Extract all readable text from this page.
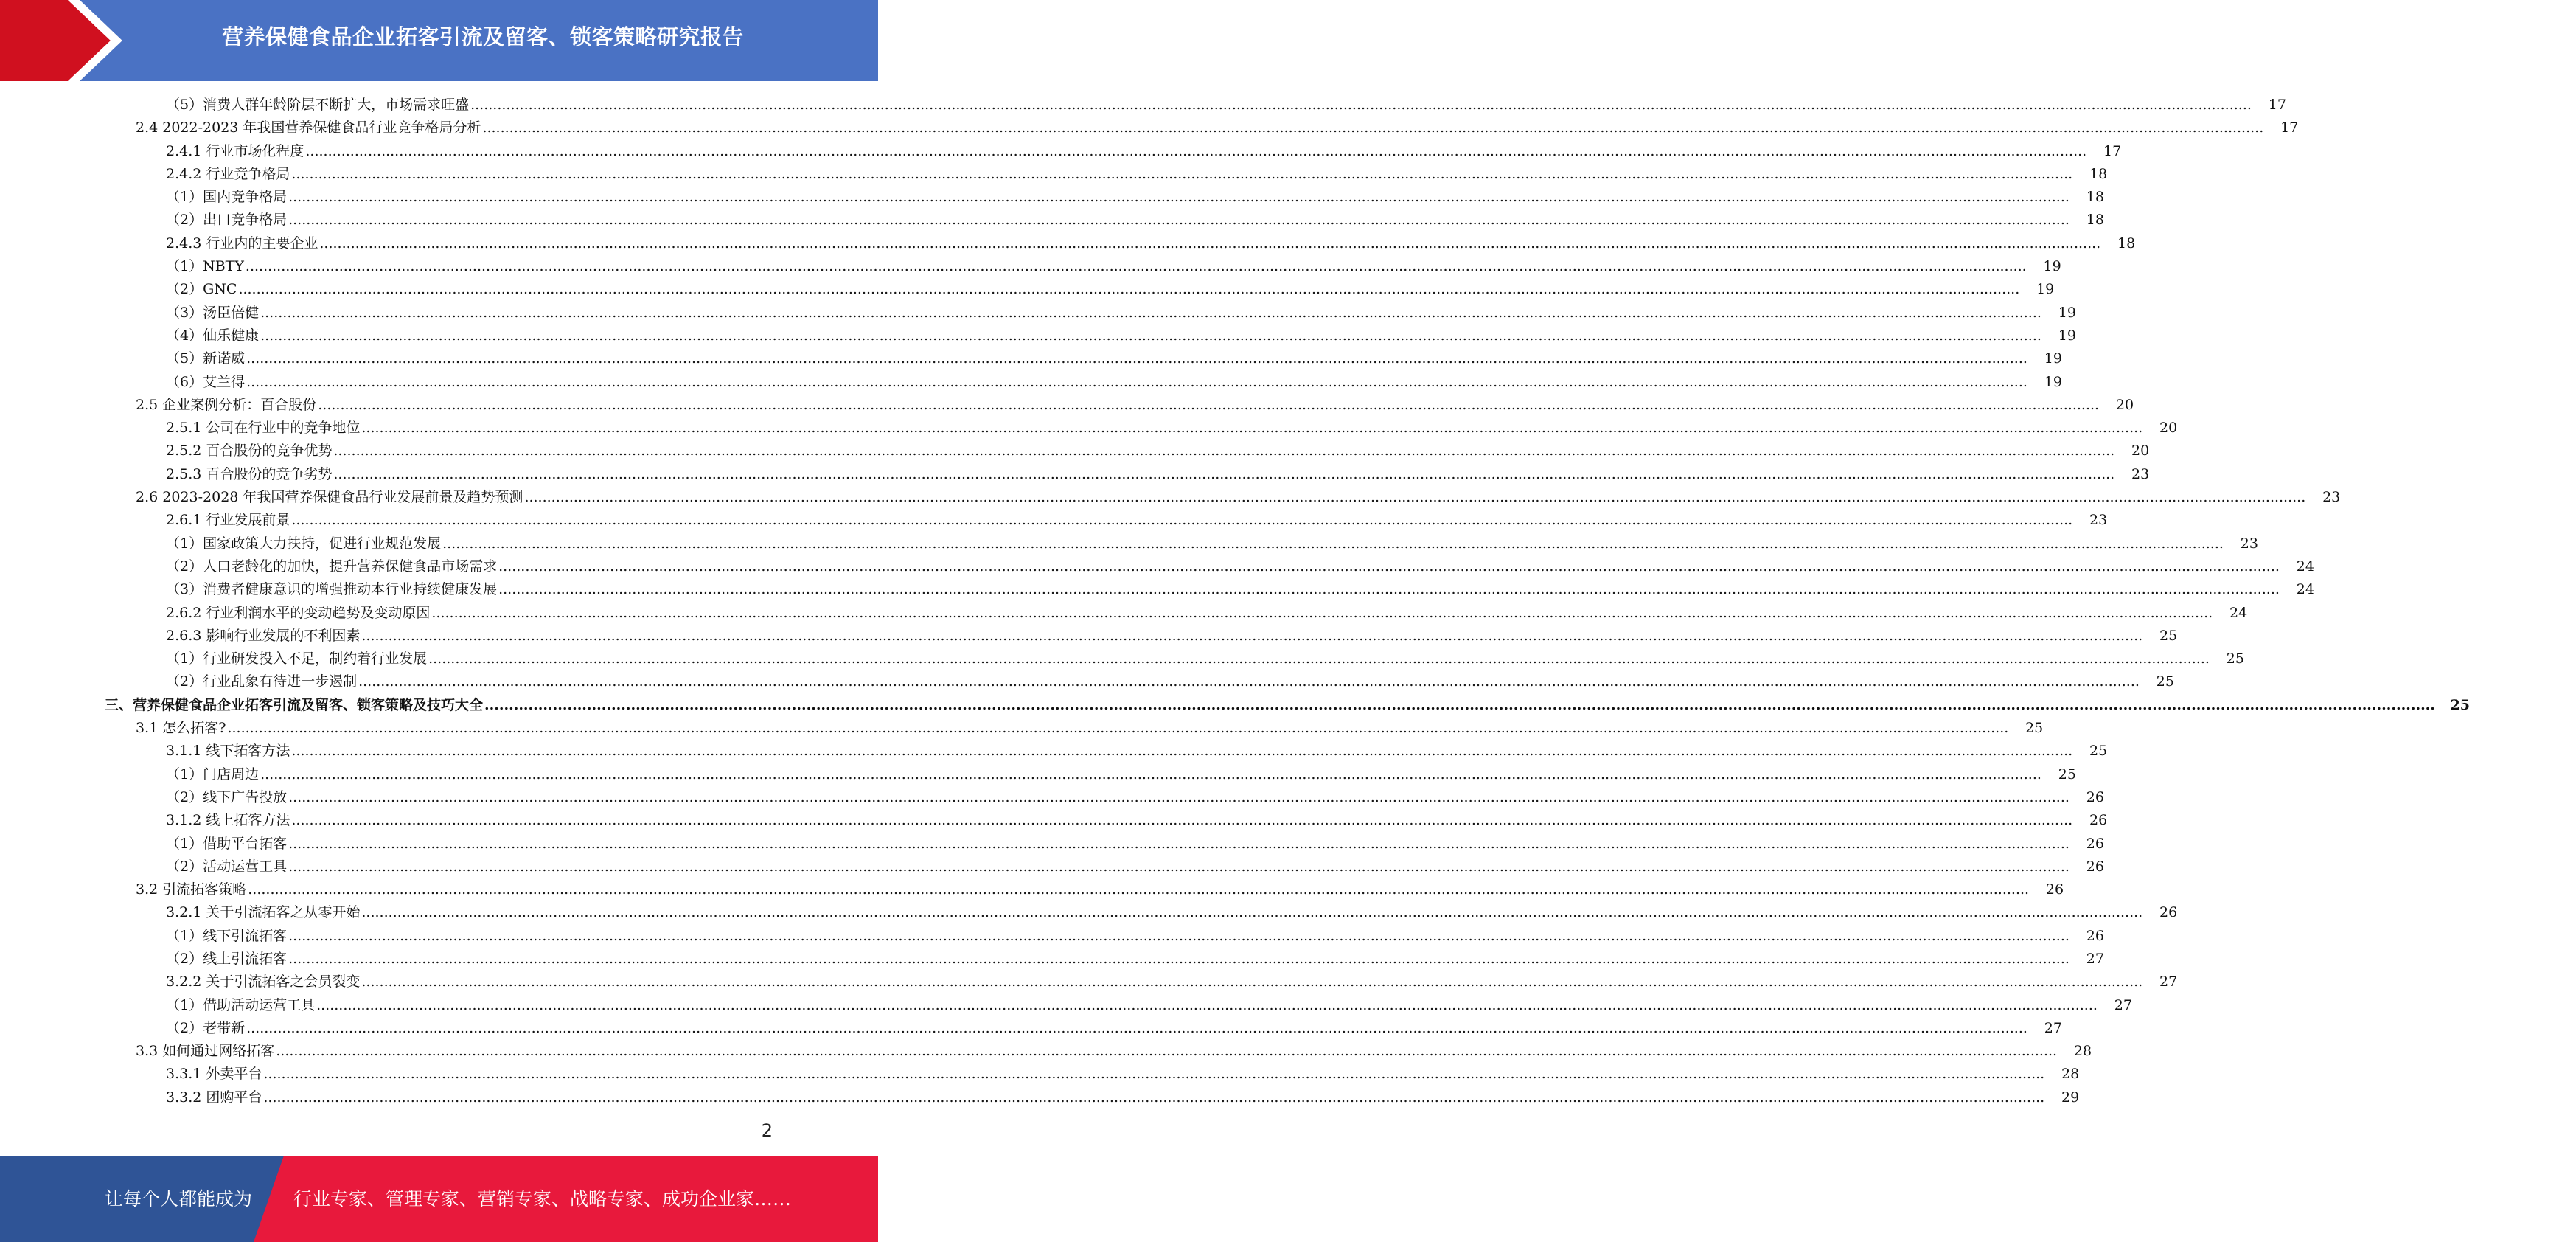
营养保健食品企业拓客引流及留客、锁客策略研究报告
（5）消费人群年龄阶层不断扩大，市场需求旺盛 ................................................................................................................................................................................................................................................................................................................................................................................................................	17
2.4 2022-2023 年我国营养保健食品行业竞争格局分析 ................................................................................................................................................................................................................................................................................................................................................................................................................	17
2.4.1 行业市场化程度 ................................................................................................................................................................................................................................................................................................................................................................................................................	17
2.4.2 行业竞争格局 ................................................................................................................................................................................................................................................................................................................................................................................................................	18
（1）国内竞争格局 ................................................................................................................................................................................................................................................................................................................................................................................................................	18
（2）出口竞争格局 ................................................................................................................................................................................................................................................................................................................................................................................................................	18
2.4.3 行业内的主要企业 ................................................................................................................................................................................................................................................................................................................................................................................................................	18
（1）NBTY ................................................................................................................................................................................................................................................................................................................................................................................................................	19
（2）GNC ................................................................................................................................................................................................................................................................................................................................................................................................................	19
（3）汤臣倍健 ................................................................................................................................................................................................................................................................................................................................................................................................................	19
（4）仙乐健康 ................................................................................................................................................................................................................................................................................................................................................................................................................	19
（5）新诺威 ................................................................................................................................................................................................................................................................................................................................................................................................................	19
（6）艾兰得 ................................................................................................................................................................................................................................................................................................................................................................................................................	19
2.5 企业案例分析：百合股份 ................................................................................................................................................................................................................................................................................................................................................................................................................	20
2.5.1 公司在行业中的竞争地位 ................................................................................................................................................................................................................................................................................................................................................................................................................	20
2.5.2 百合股份的竞争优势 ................................................................................................................................................................................................................................................................................................................................................................................................................	20
2.5.3 百合股份的竞争劣势 ................................................................................................................................................................................................................................................................................................................................................................................................................	23
2.6 2023-2028 年我国营养保健食品行业发展前景及趋势预测 ................................................................................................................................................................................................................................................................................................................................................................................................................	23
2.6.1 行业发展前景 ................................................................................................................................................................................................................................................................................................................................................................................................................	23
（1）国家政策大力扶持，促进行业规范发展 ................................................................................................................................................................................................................................................................................................................................................................................................................	23
（2）人口老龄化的加快，提升营养保健食品市场需求 ................................................................................................................................................................................................................................................................................................................................................................................................................	24
（3）消费者健康意识的增强推动本行业持续健康发展 ................................................................................................................................................................................................................................................................................................................................................................................................................	24
2.6.2 行业利润水平的变动趋势及变动原因 ................................................................................................................................................................................................................................................................................................................................................................................................................	24
2.6.3 影响行业发展的不利因素 ................................................................................................................................................................................................................................................................................................................................................................................................................	25
（1）行业研发投入不足，制约着行业发展 ................................................................................................................................................................................................................................................................................................................................................................................................................	25
（2）行业乱象有待进一步遏制 ................................................................................................................................................................................................................................................................................................................................................................................................................	25
三、营养保健食品企业拓客引流及留客、锁客策略及技巧大全 ................................................................................................................................................................................................................................................................................................................................................................................................................	25
3.1 怎么拓客? ................................................................................................................................................................................................................................................................................................................................................................................................................	25
3.1.1 线下拓客方法 ................................................................................................................................................................................................................................................................................................................................................................................................................	25
（1）门店周边 ................................................................................................................................................................................................................................................................................................................................................................................................................	25
（2）线下广告投放 ................................................................................................................................................................................................................................................................................................................................................................................................................	26
3.1.2 线上拓客方法 ................................................................................................................................................................................................................................................................................................................................................................................................................	26
（1）借助平台拓客 ................................................................................................................................................................................................................................................................................................................................................................................................................	26
（2）活动运营工具 ................................................................................................................................................................................................................................................................................................................................................................................................................	26
3.2 引流拓客策略 ................................................................................................................................................................................................................................................................................................................................................................................................................	26
3.2.1 关于引流拓客之从零开始 ................................................................................................................................................................................................................................................................................................................................................................................................................	26
（1）线下引流拓客 ................................................................................................................................................................................................................................................................................................................................................................................................................	26
（2）线上引流拓客 ................................................................................................................................................................................................................................................................................................................................................................................................................	27
3.2.2 关于引流拓客之会员裂变 ................................................................................................................................................................................................................................................................................................................................................................................................................	27
（1）借助活动运营工具 ................................................................................................................................................................................................................................................................................................................................................................................................................	27
（2）老带新 ................................................................................................................................................................................................................................................................................................................................................................................................................	27
3.3 如何通过网络拓客 ................................................................................................................................................................................................................................................................................................................................................................................................................	28
3.3.1 外卖平台 ................................................................................................................................................................................................................................................................................................................................................................................................................	28
3.3.2 团购平台 ................................................................................................................................................................................................................................................................................................................................................................................................................	29
2
让每个人都能成为 行业专家、管理专家、营销专家、战略专家、成功企业家……
